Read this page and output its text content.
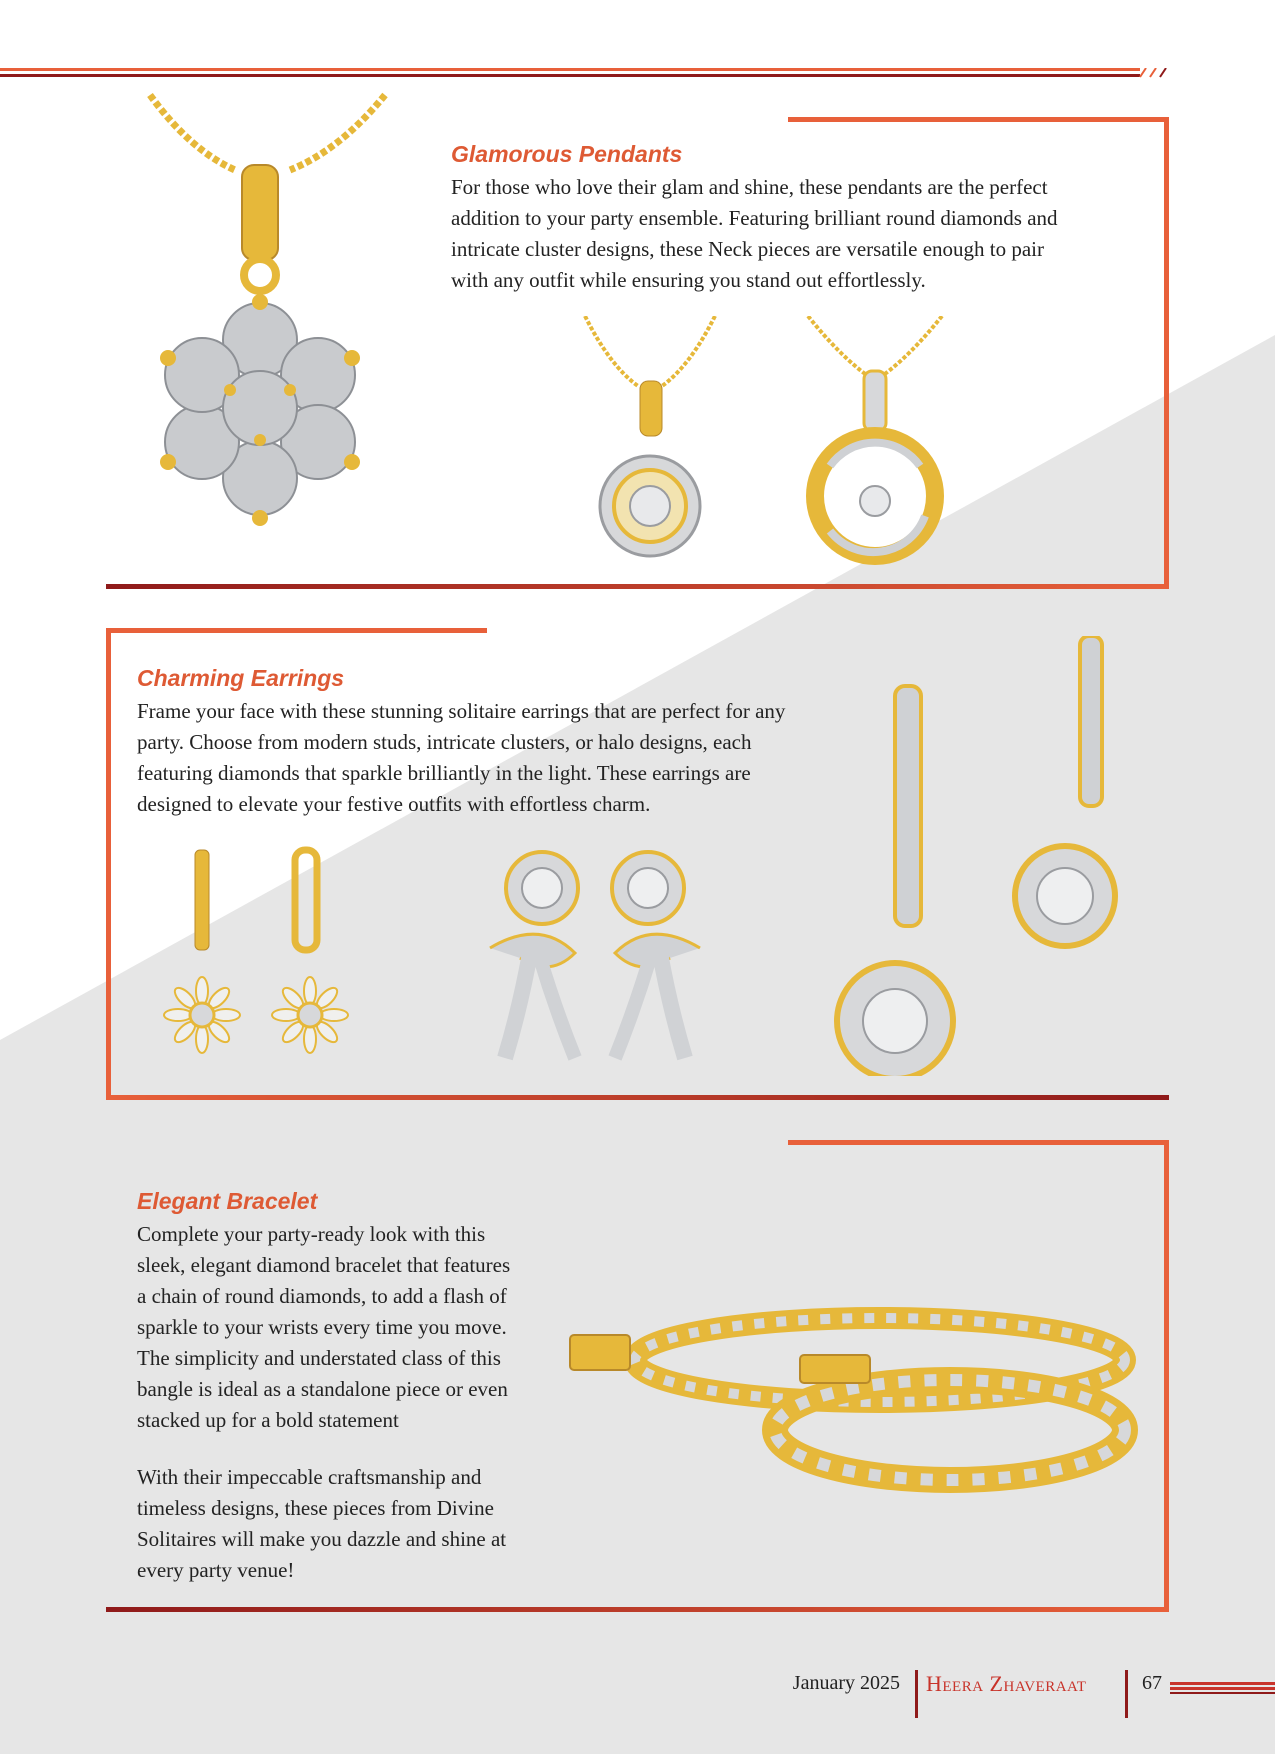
Glamorous Pendants
For those who love their glam and shine, these pendants are the perfect
addition to your party ensemble. Featuring brilliant round diamonds and
intricate cluster designs, these Neck pieces are versatile enough to pair
with any outfit while ensuring you stand out effortlessly.
Charming Earrings
Frame your face with these stunning solitaire earrings that are perfect for any
party. Choose from modern studs, intricate clusters, or halo designs, each
featuring diamonds that sparkle brilliantly in the light. These earrings are
designed to elevate your festive outfits with effortless charm.
Elegant Bracelet
Complete your party-ready look with this
sleek, elegant diamond bracelet that features
a chain of round diamonds, to add a flash of
sparkle to your wrists every time you move.
The simplicity and understated class of this
bangle is ideal as a standalone piece or even
stacked up for a bold statement
With their impeccable craftsmanship and
timeless designs, these pieces from Divine
Solitaires will make you dazzle and shine at
every party venue!
January 2025 Heera Zhaveraat	67
